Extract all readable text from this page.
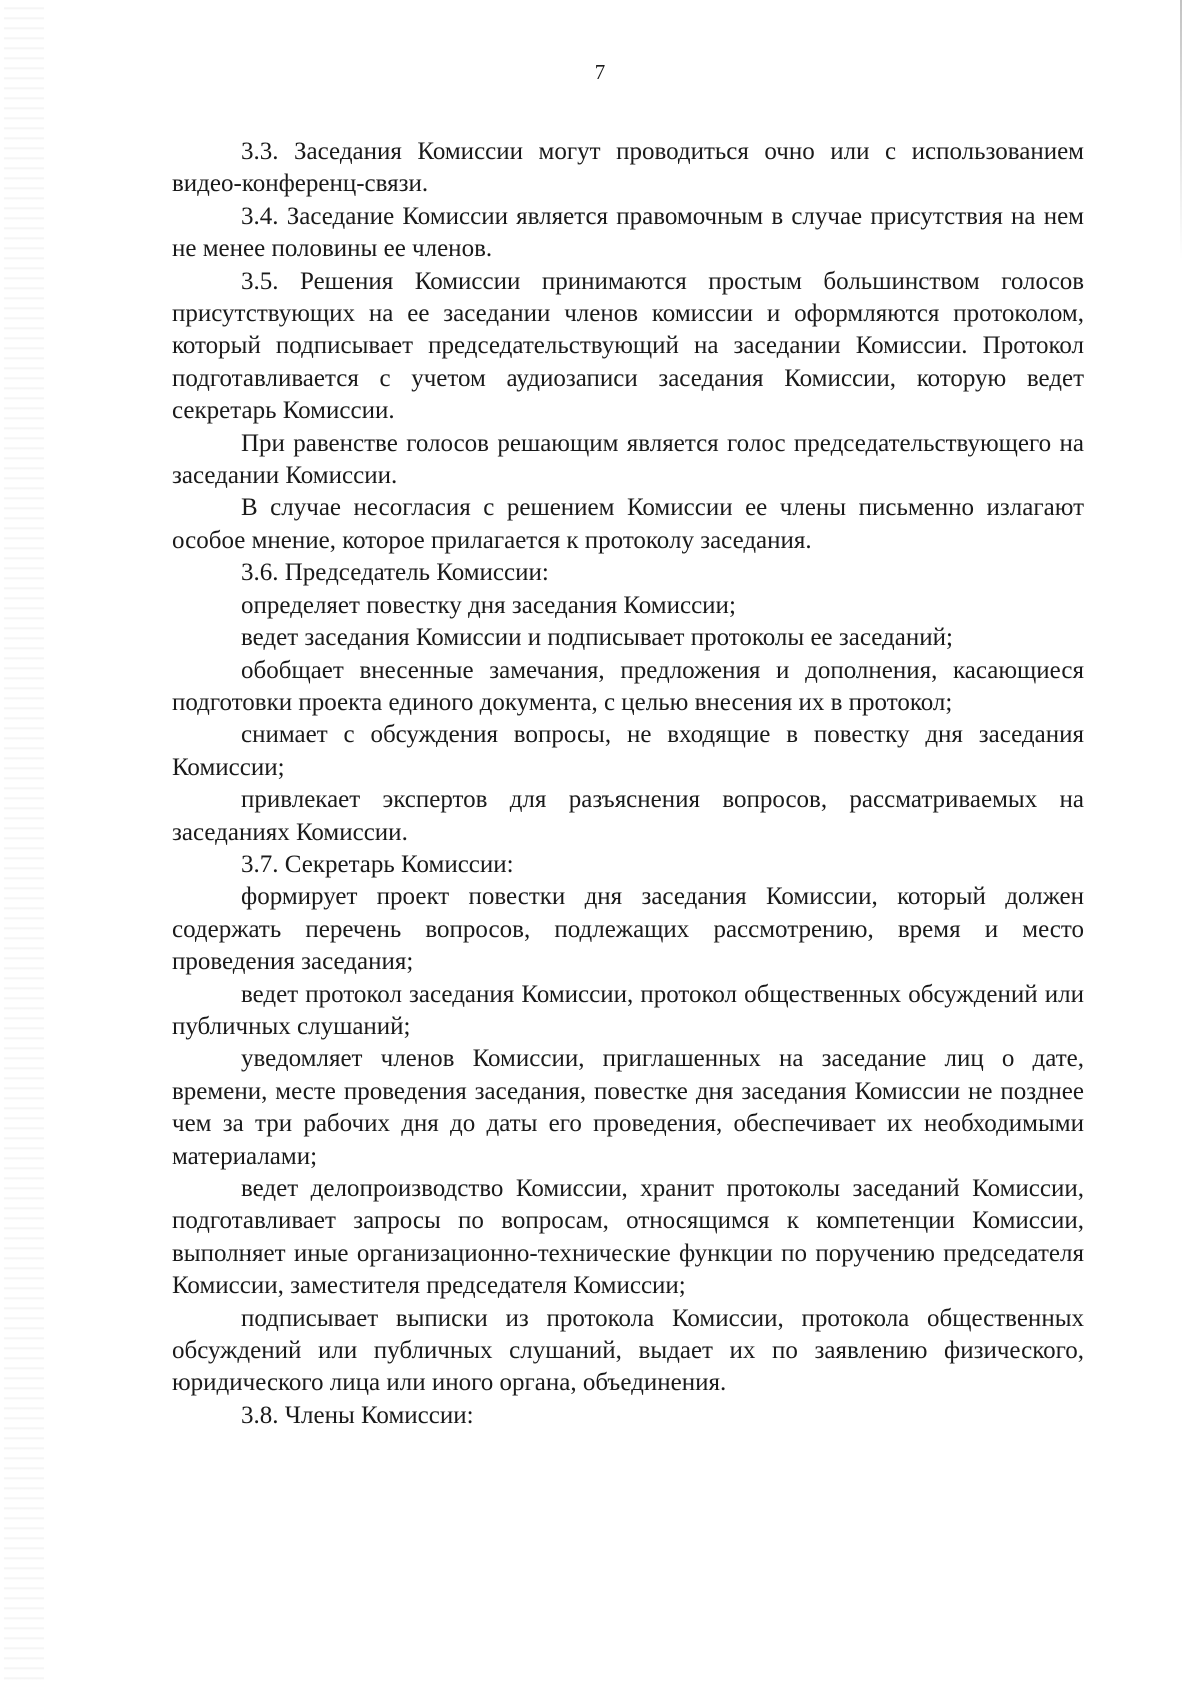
7

3.3. Заседания Комиссии могут проводиться очно или с использованием видео-конференц-связи.

3.4. Заседание Комиссии является правомочным в случае присутствия на нем не менее половины ее членов.

3.5. Решения Комиссии принимаются простым большинством голосов присутствующих на ее заседании членов комиссии и оформляются протоколом, который подписывает председательствующий на заседании Комиссии. Протокол подготавливается с учетом аудиозаписи заседания Комиссии, которую ведет секретарь Комиссии.

При равенстве голосов решающим является голос председательствующего на заседании Комиссии.

В случае несогласия с решением Комиссии ее члены письменно излагают особое мнение, которое прилагается к протоколу заседания.

3.6. Председатель Комиссии:

определяет повестку дня заседания Комиссии;

ведет заседания Комиссии и подписывает протоколы ее заседаний;

обобщает внесенные замечания, предложения и дополнения, касающиеся подготовки проекта единого документа, с целью внесения их в протокол;

снимает с обсуждения вопросы, не входящие в повестку дня заседания Комиссии;

привлекает экспертов для разъяснения вопросов, рассматриваемых на заседаниях Комиссии.

3.7. Секретарь Комиссии:

формирует проект повестки дня заседания Комиссии, который должен содержать перечень вопросов, подлежащих рассмотрению, время и место проведения заседания;

ведет протокол заседания Комиссии, протокол общественных обсуждений или публичных слушаний;

уведомляет членов Комиссии, приглашенных на заседание лиц о дате, времени, месте проведения заседания, повестке дня заседания Комиссии не позднее чем за три рабочих дня до даты его проведения, обеспечивает их необходимыми материалами;

ведет делопроизводство Комиссии, хранит протоколы заседаний Комиссии, подготавливает запросы по вопросам, относящимся к компетенции Комиссии, выполняет иные организационно-технические функции по поручению председателя Комиссии, заместителя председателя Комиссии;

подписывает выписки из протокола Комиссии, протокола общественных обсуждений или публичных слушаний, выдает их по заявлению физического, юридического лица или иного органа, объединения.

3.8. Члены Комиссии:
